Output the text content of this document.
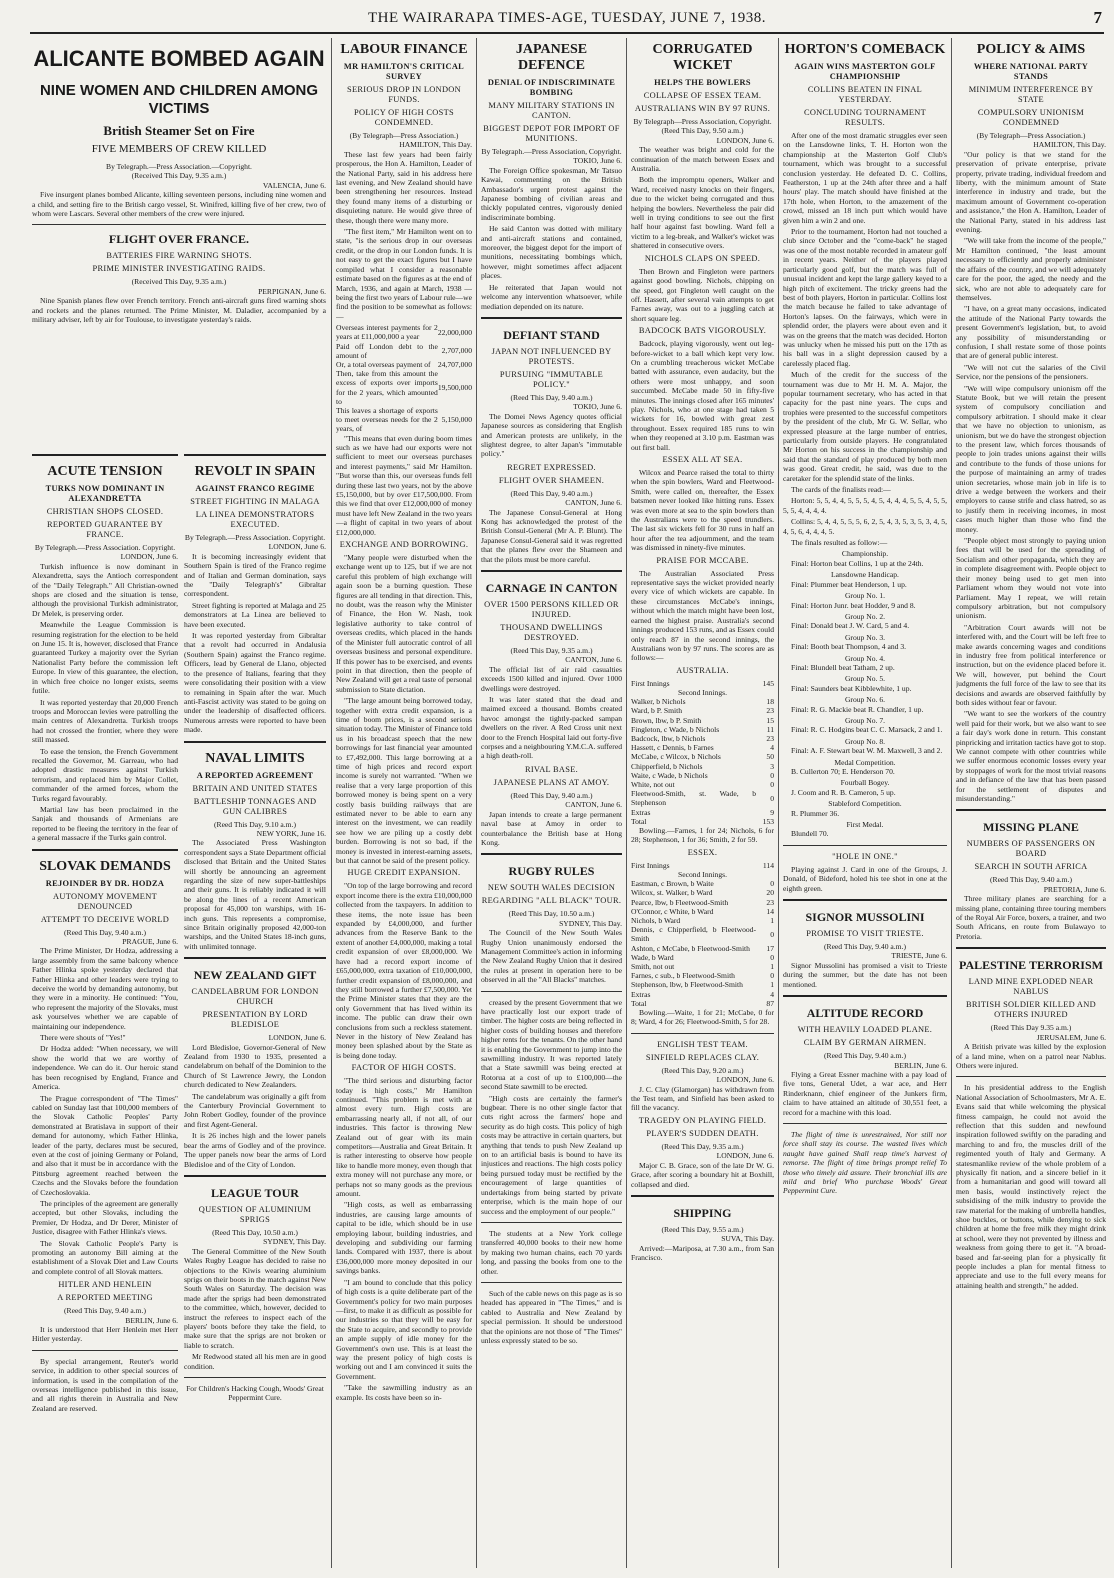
THE WAIRARAPA TIMES-AGE, TUESDAY, JUNE 7, 1938.	7
ALICANTE BOMBED AGAIN
NINE WOMEN AND CHILDREN AMONG VICTIMS
British Steamer Set on Fire
FIVE MEMBERS OF CREW KILLED
By Telegraph.—Press Association.—Copyright.
(Received This Day, 9.35 a.m.)
VALENCIA, June 6.

Five insurgent planes bombed Alicante, killing seventeen persons, including nine women and a child, and setting fire to the British cargo vessel, St. Winifred, killing five of her crew, two of whom were Lascars. Several other members of the crew were injured.

FLIGHT OVER FRANCE.
BATTERIES FIRE WARNING SHOTS.
PRIME MINISTER INVESTIGATING RAIDS.
(Received This Day, 9.35 a.m.)
PERPIGNAN, June 6.

Nine Spanish planes flew over French territory. French anti-aircraft guns fired warning shots and rockets and the planes returned. The Prime Minister, M. Daladier, accompanied by a military adviser, left by air for Toulouse, to investigate yesterday's raids.

ACUTE TENSION
TURKS NOW DOMINANT IN ALEXANDRETTA
CHRISTIAN SHOPS CLOSED.
REPORTED GUARANTEE BY FRANCE.
By Telegraph.—Press Association. Copyright.
LONDON, June 6.

Turkish influence is now dominant in Alexandretta, says the Antioch correspondent of the "Daily Telegraph." All Christian-owned shops are closed and the situation is tense, although the provisional Turkish administrator, Dr Melek, is preserving order.

Meanwhile the League Commission is resuming registration for the election to be held on June 15. It is, however, disclosed that France guaranteed Turkey a majority over the Syrian Nationalist Party before the commission left Europe. In view of this guarantee, the election, in which free choice no longer exists, seems futile.

It was reported yesterday that 20,000 French troops and Moroccan levies were patrolling the main centres of Alexandretta. Turkish troops had not crossed the frontier, where they were still massed.

To ease the tension, the French Government recalled the Governor, M. Garreau, who had adopted drastic measures against Turkish terrorism, and replaced him by Major Collet, commander of the armed forces, whom the Turks regard favourably.

Martial law has been proclaimed in the Sanjak and thousands of Armenians are reported to be fleeing the territory in the fear of a general massacre if the Turks gain control.

SLOVAK DEMANDS
REJOINDER BY DR. HODZA
AUTONOMY MOVEMENT DENOUNCED
ATTEMPT TO DECEIVE WORLD
(Reed This Day, 9.40 a.m.)
PRAGUE, June 6.

The Prime Minister, Dr Hodza, addressing a large assembly from the same balcony whence Father Hlinka spoke yesterday declared that Father Hlinka and other leaders were trying to deceive the world by demanding autonomy, but they were in a minority. He continued: "You, who represent the majority of the Slovaks, must ask yourselves whether we are capable of maintaining our independence.

There were shouts of "Yes!"

Dr Hodza added: "When necessary, we will show the world that we are worthy of independence. We can do it. Our heroic stand has been recognised by England, France and America.

The Prague correspondent of "The Times" cabled on Sunday last that 100,000 members of the Slovak Catholic Peoples' Party demonstrated at Bratislava in support of their demand for autonomy, which Father Hlinka, leader of the party, declares must be secured, even at the cost of joining Germany or Poland, and also that it must be in accordance with the Pittsburg agreement reached between the Czechs and the Slovaks before the foundation of Czechoslovakia.

The principles of the agreement are generally accepted, but other Slovaks, including the Premier, Dr Hodza, and Dr Derer, Minister of Justice, disagree with Father Hlinka's views.

The Slovak Catholic People's Party is promoting an autonomy Bill aiming at the establishment of a Slovak Diet and Law Courts and complete control of all Slovak matters.

HITLER AND HENLEIN
A REPORTED MEETING
(Reed This Day, 9.40 a.m.)
BERLIN, June 6.

It is understood that Herr Henlein met Herr Hitler yesterday.

By special arrangement, Reuter's world service, in addition to other special sources of information, is used in the compilation of the overseas intelligence published in this issue, and all rights therein in Australia and New Zealand are reserved.

REVOLT IN SPAIN
AGAINST FRANCO REGIME
STREET FIGHTING IN MALAGA
LA LINEA DEMONSTRATORS EXECUTED.
By Telegraph.—Press Association. Copyright.
LONDON, June 6.

It is becoming increasingly evident that Southern Spain is tired of the Franco regime and of Italian and German domination, says the "Daily Telegraph's" Gibraltar correspondent.

Street fighting is reported at Malaga and 25 demonstrators at La Linea are believed to have been executed.

It was reported yesterday from Gibraltar that a revolt had occurred in Andalusia (Southern Spain) against the Franco regime. Officers, lead by General de Llano, objected to the presence of Italians, fearing that they were consolidating their position with a view to remaining in Spain after the war. Much anti-Fascist activity was stated to be going on under the leadership of disaffected officers. Numerous arrests were reported to have been made.

NAVAL LIMITS
A REPORTED AGREEMENT
BRITAIN AND UNITED STATES
BATTLESHIP TONNAGES AND GUN CALIBRES
(Reed This Day, 9.10 a.m.)
NEW YORK, June 16.

The Associated Press Washington correspondent says a State Department official disclosed that Britain and the United States will shortly be announcing an agreement regarding the size of new super-battleships and their guns. It is reliably indicated it will be along the lines of a recent American proposal for 45,000 ton warships, with 16-inch guns. This represents a compromise, since Britain originally proposed 42,000-ton warships, and the United States 18-inch guns, with unlimited tonnage.

NEW ZEALAND GIFT
CANDELABRUM FOR LONDON CHURCH
PRESENTATION BY LORD BLEDISLOE
LONDON, June 6.

Lord Bledisloe, Governor-General of New Zealand from 1930 to 1935, presented a candelabrum on behalf of the Dominion to the Church of St Lawrence Jewry, the London church dedicated to New Zealanders.

The candelabrum was originally a gift from the Canterbury Provincial Government to John Robert Godley, founder of the province and first Agent-General.

It is 26 inches high and the lower panels bear the arms of Godley and of the province. The upper panels now bear the arms of Lord Bledisloe and of the City of London.

LEAGUE TOUR
QUESTION OF ALUMINIUM SPRIGS
(Reed This Day, 10.50 a.m.)
SYDNEY, This Day.

The General Committee of the New South Wales Rugby League has decided to raise no objections to the Kiwis wearing aluminium sprigs on their boots in the match against New South Wales on Saturday. The decision was made after the sprigs had been demonstrated to the committee, which, however, decided to instruct the referees to inspect each of the players' boots before they take the field, to make sure that the sprigs are not broken or liable to scratch.

Mr Redwood stated all his men are in good condition.

For Children's Hacking Cough, Woods' Great Peppermint Cure.
LABOUR FINANCE
MR HAMILTON'S CRITICAL SURVEY
SERIOUS DROP IN LONDON FUNDS.
POLICY OF HIGH COSTS CONDEMNED.
(By Telegraph—Press Association.)
HAMILTON, This Day.

These last few years had been fairly prosperous, the Hon A. Hamilton, Leader of the National Party, said in his address here last evening, and New Zealand should have been strengthening her resources. Instead they found many items of a disturbing or disquieting nature. He would give three of these, though there were many more.

"The first item," Mr Hamilton went on to state, "is the serious drop in our overseas credit, or the drop in our London funds. It is not easy to get the exact figures but I have compiled what I consider a reasonable estimate based on the figures as at the end of March, 1936, and again at March, 1938 —being the first two years of Labour rule—we find the position to be somewhat as follows:—

Overseas interest payments for 2 years at £11,000,000 a year	22,000,000
Paid off London debt to the amount of	2,707,000
Or, a total overseas payment of	24,707,000
Then, take from this amount the excess of exports over imports for the 2 years, which amounted to	19,500,000
This leaves a shortage of exports to meet overseas needs for the 2 years, of	5,150,000

"This means that even during boom times such as we have had our exports were not sufficient to meet our overseas purchases and interest payments," said Mr Hamilton. "But worse than this, our overseas funds fell during these last two years, not by the above £5,150,000, but by over £17,500,000. From this we find that over £12,000,000 of money must have left New Zealand in the two years—a flight of capital in two years of about £12,000,000.

EXCHANGE AND BORROWING.

"Many people were disturbed when the exchange went up to 125, but if we are not careful this problem of high exchange will again soon be a burning question. These figures are all tending in that direction. This, no doubt, was the reason why the Minister of Finance, the Hon W. Nash, took legislative authority to take control of overseas credits, which placed in the hands of the Minister full autocratic control of all overseas business and personal expenditure. If this power has to be exercised, and events point in that direction, then the people of New Zealand will get a real taste of personal submission to State dictation.

"The large amount being borrowed today, together with extra credit expansion, is a time of boom prices, is a second serious situation today. The Minister of Finance told us in his broadcast speech that the new borrowings for last financial year amounted to £7,492,000. This large borrowing at a time of high prices and record export income is surely not warranted. "When we realise that a very large proportion of this borrowed money is being spent on a very costly basis building railways that are estimated never to be able to earn any interest on the investment, we can readily see how we are piling up a costly debt burden. Borrowing is not so bad, if the money is invested in interest-earning assets, but that cannot be said of the present policy.

HUGE CREDIT EXPANSION.

"On top of the large borrowing and record export income there is the extra £10,000,000 collected from the taxpayers. In addition to these items, the note issue has been expanded by £4,000,000, and further advances from the Reserve Bank to the extent of another £4,000,000, making a total credit expansion of over £8,000,000. We have had a record export income of £65,000,000, extra taxation of £10,000,000, further credit expansion of £8,000,000, and they still borrowed a further £7,500,000. Yet the Prime Minister states that they are the only Government that has lived within its income. The public can draw their own conclusions from such a reckless statement. Never in the history of New Zealand has money been splashed about by the State as is being done today.

FACTOR OF HIGH COSTS.

"The third serious and disturbing factor today is high costs," Mr Hamilton continued. "This problem is met with at almost every turn. High costs are embarrassing nearly all, if not all, of our industries. This factor is throwing New Zealand out of gear with its main competitors—Australia and Great Britain. It is rather interesting to observe how people like to handle more money, even though that extra money will not purchase any more, or perhaps not so many goods as the previous amount.

"High costs, as well as embarrassing industries, are causing large amounts of capital to be idle, which should be in use employing labour, building industries, and developing and subdividing our farming lands. Compared with 1937, there is about £36,000,000 more money deposited in our savings banks.

"I am bound to conclude that this policy of high costs is a quite deliberate part of the Government's policy for two main purposes—first, to make it as difficult as possible for our industries so that they will be easy for the State to acquire, and secondly to provide an ample supply of idle money for the Government's own use. This is at least the way the present policy of high costs is working out and I am convinced it suits the Government.

"Take the sawmilling industry as an example. Its costs have been so in-

JAPANESE DEFENCE
DENIAL OF INDISCRIMINATE BOMBING
MANY MILITARY STATIONS IN CANTON.
BIGGEST DEPOT FOR IMPORT OF MUNITIONS.
By Telegraph.—Press Association, Copyright.
TOKIO, June 6.

The Foreign Office spokesman, Mr Tatsuo Kawai, commenting on the British Ambassador's urgent protest against the Japanese bombing of civilian areas and thickly populated centres, vigorously denied indiscriminate bombing.

He said Canton was dotted with military and anti-aircraft stations and contained, moreover, the biggest depot for the import of munitions, necessitating bombings which, however, might sometimes affect adjacent places.

He reiterated that Japan would not welcome any intervention whatsoever, while mediation depended on its nature.

DEFIANT STAND
JAPAN NOT INFLUENCED BY PROTESTS.
PURSUING "IMMUTABLE POLICY."
(Reed This Day, 9.40 a.m.)
TOKIO, June 6.

The Domei News Agency quotes official Japanese sources as considering that English and American protests are unlikely, in the slightest degree, to alter Japan's "immutable policy."

REGRET EXPRESSED.
FLIGHT OVER SHAMEEN.
(Reed This Day, 9.40 a.m.)
CANTON, June 6.

The Japanese Consul-General at Hong Kong has acknowledged the protest of the British Consul-General (Mr A. P. Blunt). The Japanese Consul-General said it was regretted that the planes flew over the Shameen and that the pilots must be more careful.

CARNAGE IN CANTON
OVER 1500 PERSONS KILLED OR INJURED.
THOUSAND DWELLINGS DESTROYED.
(Reed This Day, 9.35 a.m.)
CANTON, June 6.

The official list of air raid casualties exceeds 1500 killed and injured. Over 1000 dwellings were destroyed.

It was later stated that the dead and maimed exceed a thousand. Bombs created havoc amongst the tightly-packed sampan dwellers on the river. A Red Cross unit next door to the French Hospital laid out forty-five corpses and a neighbouring Y.M.C.A. suffered a high death-roll.

RIVAL BASE.
JAPANESE PLANS AT AMOY.
(Reed This Day, 9.40 a.m.)
CANTON, June 6.

Japan intends to create a large permanent naval base at Amoy in order to counterbalance the British base at Hong Kong.

RUGBY RULES
NEW SOUTH WALES DECISION
REGARDING "ALL BLACK" TOUR.
(Reed This Day, 10.50 a.m.)
SYDNEY, This Day.

The Council of the New South Wales Rugby Union unanimously endorsed the Management Committee's action in informing the New Zealand Rugby Union that it desired the rules at present in operation here to be observed in all the "All Blacks" matches.

creased by the present Government that we have practically lost our export trade of timber. The higher costs are being reflected in higher costs of building houses and therefore higher rents for the tenants. On the other hand it is enabling the Government to jump into the sawmilling industry. It was reported lately that a State sawmill was being erected at Rotorua at a cost of up to £100,000—the second State sawmill to be erected.

"High costs are certainly the farmer's bugbear. There is no other single factor that cuts right across the farmers' hope and security as do high costs. This policy of high costs may be attractive in certain quarters, but anything that tends to push New Zealand up on to an artificial basis is bound to have its injustices and reactions. The high costs policy being pursued today must be rectified by the encouragement of large quantities of undertakings from being started by private enterprise, which is the main hope of our success and the employment of our people."

The students at a New York college transferred 40,000 books to their new home by making two human chains, each 70 yards long, and passing the books from one to the other.

Such of the cable news on this page as is so headed has appeared in "The Times," and is cabled to Australia and New Zealand by special permission. It should be understood that the opinions are not those of "The Times" unless expressly stated to be so.

CORRUGATED WICKET
HELPS THE BOWLERS
COLLAPSE OF ESSEX TEAM.
AUSTRALIANS WIN BY 97 RUNS.
By Telegraph—Press Association, Copyright.
(Reed This Day, 9.50 a.m.)
LONDON, June 6.

The weather was bright and cold for the continuation of the match between Essex and Australia.

Both the impromptu openers, Walker and Ward, received nasty knocks on their fingers, due to the wicket being corrugated and thus helping the bowlers. Nevertheless the pair did well in trying conditions to see out the first half hour against fast bowling. Ward fell a victim to a leg-break, and Walker's wicket was shattered in consecutive overs.

NICHOLS CLAPS ON SPEED.

Then Brown and Fingleton were partners against good bowling. Nichols, chipping on the speed, got Fingleton well caught on the off. Hassett, after several vain attempts to get Farnes away, was out to a juggling catch at short square leg.

BADCOCK BATS VIGOROUSLY.

Badcock, playing vigorously, went out leg-before-wicket to a ball which kept very low. On a crumbling treacherous wicket McCabe batted with assurance, even audacity, but the others were most unhappy, and soon succumbed. McCabe made 50 in fifty-five minutes. The innings closed after 165 minutes' play. Nichols, who at one stage had taken 5 wickets for 16, bowled with great zest throughout. Essex required 185 runs to win when they reopened at 3.10 p.m. Eastman was out first ball.

ESSEX ALL AT SEA.

Wilcox and Pearce raised the total to thirty when the spin bowlers, Ward and Fleetwood-Smith, were called on, thereafter, the Essex batsmen never looked like hitting runs. Essex was even more at sea to the spin bowlers than the Australians were to the speed trundlers. The last six wickets fell for 30 runs in half an hour after the tea adjournment, and the team was dismissed in ninety-five minutes.

PRAISE FOR MCCABE.

The Australian Associated Press representative says the wicket provided nearly every vice of which wickets are capable. In these circumstances McCabe's innings, without which the match might have been lost, earned the highest praise. Australia's second innings produced 153 runs, and as Essex could only reach 87 in the second innings, the Australians won by 97 runs. The scores are as follows:—

AUSTRALIA.
First Innings	145
Second Innings.	
Walker, b Nichols	18
Ward, b P. Smith	23
Brown, lbw, b P. Smith	15
Fingleton, c Wade, b Nichols	11
Badcock, lbw, b Nichols	23
Hassett, c Dennis, b Farnes	4
McCabe, c Wilcox, b Nichols	50
Chipperfield, b Nichols	3
Waite, c Wade, b Nichols	0
White, not out	0
Fleetwood-Smith, st. Wade, b Stephenson	0
Extras	9
Total	153

Bowling.—Farnes, 1 for 24; Nichols, 6 for 28; Stephenson, 1 for 36; Smith, 2 for 59.

ESSEX.
First Innings	114
Second Innings.	
Eastman, c Brown, b Waite	0
Wilcox, st. Walker, b Ward	20
Pearce, lbw, b Fleetwood-Smith	23
O'Connor, c White, b Ward	14
Nichols, b Ward	1
Dennis, c Chipperfield, b Fleetwood-Smith	0
Ashton, c McCabe, b Fleetwood-Smith	17
Wade, b Ward	0
Smith, not out	1
Farnes, c sub., b Fleetwood-Smith	0
Stephenson, lbw, b Fleetwood-Smith	1
Extras	4
Total	87

Bowling.—Waite, 1 for 21; McCabe, 0 for 8; Ward, 4 for 26; Fleetwood-Smith, 5 for 28.

ENGLISH TEST TEAM.
SINFIELD REPLACES CLAY.
(Reed This Day, 9.20 a.m.)
LONDON, June 6.

J. C. Clay (Glamorgan) has withdrawn from the Test team, and Sinfield has been asked to fill the vacancy.

TRAGEDY ON PLAYING FIELD.
PLAYER'S SUDDEN DEATH.
(Reed This Day, 9.35 a.m.)
LONDON, June 6.

Major C. B. Grace, son of the late Dr W. G. Grace, after scoring a boundary hit at Boxhill, collapsed and died.

SHIPPING
(Reed This Day, 9.55 a.m.)
SUVA, This Day.

Arrived:—Mariposa, at 7.30 a.m., from San Francisco.

HORTON'S COMEBACK
AGAIN WINS MASTERTON GOLF CHAMPIONSHIP
COLLINS BEATEN IN FINAL YESTERDAY.
CONCLUDING TOURNAMENT RESULTS.

After one of the most dramatic struggles ever seen on the Lansdowne links, T. H. Horton won the championship at the Masterton Golf Club's tournament, which was brought to a successful conclusion yesterday. He defeated D. C. Collins, Featherston, 1 up at the 24th after three and a half hours' play. The match should have finished at the 17th hole, when Horton, to the amazement of the crowd, missed an 18 inch putt which would have given him a win 2 and one.

Prior to the tournament, Horton had not touched a club since October and the "come-back" he staged was one of the most notable recorded in amateur golf in recent years. Neither of the players played particularly good golf, but the match was full of unusual incident and kept the large gallery keyed to a high pitch of excitement. The tricky greens had the best of both players, Horton in particular. Collins lost the match because he failed to take advantage of Horton's lapses. On the fairways, which were in splendid order, the players were about even and it was on the greens that the match was decided. Horton was unlucky when he missed his putt on the 17th as his ball was in a slight depression caused by a carelessly placed flag.

Much of the credit for the success of the tournament was due to Mr H. M. A. Major, the popular tournament secretary, who has acted in that capacity for the past nine years. The cups and trophies were presented to the successful competitors by the president of the club, Mr G. W. Sellar, who expressed pleasure at the large number of entries, particularly from outside players. He congratulated Mr Horton on his success in the championship and said that the standard of play produced by both men was good. Great credit, he said, was due to the caretaker for the splendid state of the links.

The cards of the finalists read:—

Horton: 5, 5, 4, 4, 5, 5, 5, 4, 5, 4, 4, 4, 5, 5, 4, 5, 5, 5, 5, 4, 4, 4, 4.

Collins: 5, 4, 4, 5, 5, 5, 6, 2, 5, 4, 3, 5, 3, 5, 3, 4, 5, 4, 5, 6, 4, 4, 4, 5.

The finals resulted as follow:—

Championship.

Final: Horton beat Collins, 1 up at the 24th.

Lansdowne Handicap.

Final: Plummer beat Henderson, 1 up.

Group No. 1.

Final: Horton Junr. beat Hodder, 9 and 8.

Group No. 2.

Final: Donald beat J. W. Card, 5 and 4.

Group No. 3.

Final: Booth beat Thompson, 4 and 3.

Group No. 4.

Final: Blundell beat Tatham, 2 up.

Group No. 5.

Final: Saunders beat Kibblewhite, 1 up.

Group No. 6.

Final: R. G. Mackie beat R. Chandler, 1 up.

Group No. 7.

Final: R. C. Hodgins beat C. C. Marsack, 2 and 1.

Group No. 8.

Final: A. F. Stewart beat W. M. Maxwell, 3 and 2.

Medal Competition.

B. Cullerton 70; E. Henderson 70.

Fourball Bogey.

J. Coom and R. B. Cameron, 5 up.

Stableford Competition.

R. Plummer 36.

First Medal.

Blundell 70.

"HOLE IN ONE."

Playing against J. Card in one of the Groups, J. Donald, of Bideford, holed his tee shot in one at the eighth green.

SIGNOR MUSSOLINI
PROMISE TO VISIT TRIESTE.
(Reed This Day, 9.40 a.m.)
TRIESTE, June 6.

Signor Mussolini has promised a visit to Trieste during the summer, but the date has not been mentioned.

ALTITUDE RECORD
WITH HEAVILY LOADED PLANE.
CLAIM BY GERMAN AIRMEN.
(Reed This Day, 9.40 a.m.)
BERLIN, June 6.

Flying a Great Essner machine with a pay load of five tons, General Udet, a war ace, and Herr Rinderknann, chief engineer of the Junkers firm, claim to have attained an altitude of 30,551 feet, a record for a machine with this load.

The flight of time is unrestrained, Nor still nor force shall stay its course. The wasted lives which naught have gained Shall reap time's harvest of remorse. The flight of time brings prompt relief To those who timely aid assure. Their bronchial ills are mild and brief Who purchase Woods' Great Peppermint Cure.

POLICY & AIMS
WHERE NATIONAL PARTY STANDS
MINIMUM INTERFERENCE BY STATE
COMPULSORY UNIONISM CONDEMNED
(By Telegraph—Press Association.)
HAMILTON, This Day.

"Our policy is that we stand for the preservation of private enterprise, private property, private trading, individual freedom and liberty, with the minimum amount of State interference in industry and trade, but the maximum amount of Government co-operation and assistance," the Hon A. Hamilton, Leader of the National Party, stated in his address last evening.

"We will take from the income of the people," Mr Hamilton continued, "the least amount necessary to efficiently and properly administer the affairs of the country, and we will adequately care for the poor, the aged, the needy and the sick, who are not able to adequately care for themselves.

"I have, on a great many occasions, indicated the attitude of the National Party towards the present Government's legislation, but, to avoid any possibility of misunderstanding or confusion, I shall restate some of those points that are of general public interest.

"We will not cut the salaries of the Civil Service, nor the pensions of the pensioners.

"We will wipe compulsory unionism off the Statute Book, but we will retain the present system of compulsory conciliation and compulsory arbitration. I should make it clear that we have no objection to unionism, as unionism, but we do have the strongest objection to the present law, which forces thousands of people to join trades unions against their wills and contribute to the funds of those unions for the purpose of maintaining an army of trades union secretaries, whose main job in life is to drive a wedge between the workers and their employers to cause strife and class hatred, so as to justify them in receiving incomes, in most cases much higher than those who find the money.

"People object most strongly to paying union fees that will be used for the spreading of Socialism and other propaganda, which they are in complete disagreement with. People object to their money being used to get men into Parliament whom they would not vote into Parliament. May I repeat, we will retain compulsory arbitration, but not compulsory unionism.

"Arbitration Court awards will not be interfered with, and the Court will be left free to make awards concerning wages and conditions in industry free from political interference or instruction, but on the evidence placed before it. We will, however, put behind the Court judgments the full force of the law to see that its decisions and awards are observed faithfully by both sides without fear or favour.

"We want to see the workers of the country well paid for their work, but we also want to see a fair day's work done in return. This constant pinpricking and irritation tactics have got to stop. We cannot compete with other countries while we suffer enormous economic losses every year by stoppages of work for the most trivial reasons and in defiance of the law that has been passed for the settlement of disputes and misunderstanding."

MISSING PLANE
NUMBERS OF PASSENGERS ON BOARD
SEARCH IN SOUTH AFRICA
(Reed This Day, 9.40 a.m.)
PRETORIA, June 6.

Three military planes are searching for a missing plane, containing three touring members of the Royal Air Force, boxers, a trainer, and two South Africans, en route from Bulawayo to Pretoria.

PALESTINE TERRORISM
LAND MINE EXPLODED NEAR NABLUS
BRITISH SOLDIER KILLED AND OTHERS INJURED
(Reed This Day 9.35 a.m.)
JERUSALEM, June 6.

A British private was killed by the explosion of a land mine, when on a patrol near Nablus. Others were injured.

In his presidential address to the English National Association of Schoolmasters, Mr A. E. Evans said that while welcoming the physical fitness campaign, he could not avoid the reflection that this sudden and newfound inspiration followed swiftly on the parading and marching to and fro, the muscles drill of the regimented youth of Italy and Germany. A statesmanlike review of the whole problem of a physically fit nation, and a sincere belief in it from a humanitarian and good will toward all men basis, would instinctively reject the subsidising of the milk industry to provide the raw material for the making of umbrella handles, shoe buckles, or buttons, while denying to sick children at home the free milk they might drink at school, were they not prevented by illness and weakness from going there to get it. "A broad-based and far-seeing plan for a physically fit people includes a plan for mental fitness to appreciate and use to the full every means for attaining health and strength," he added.
